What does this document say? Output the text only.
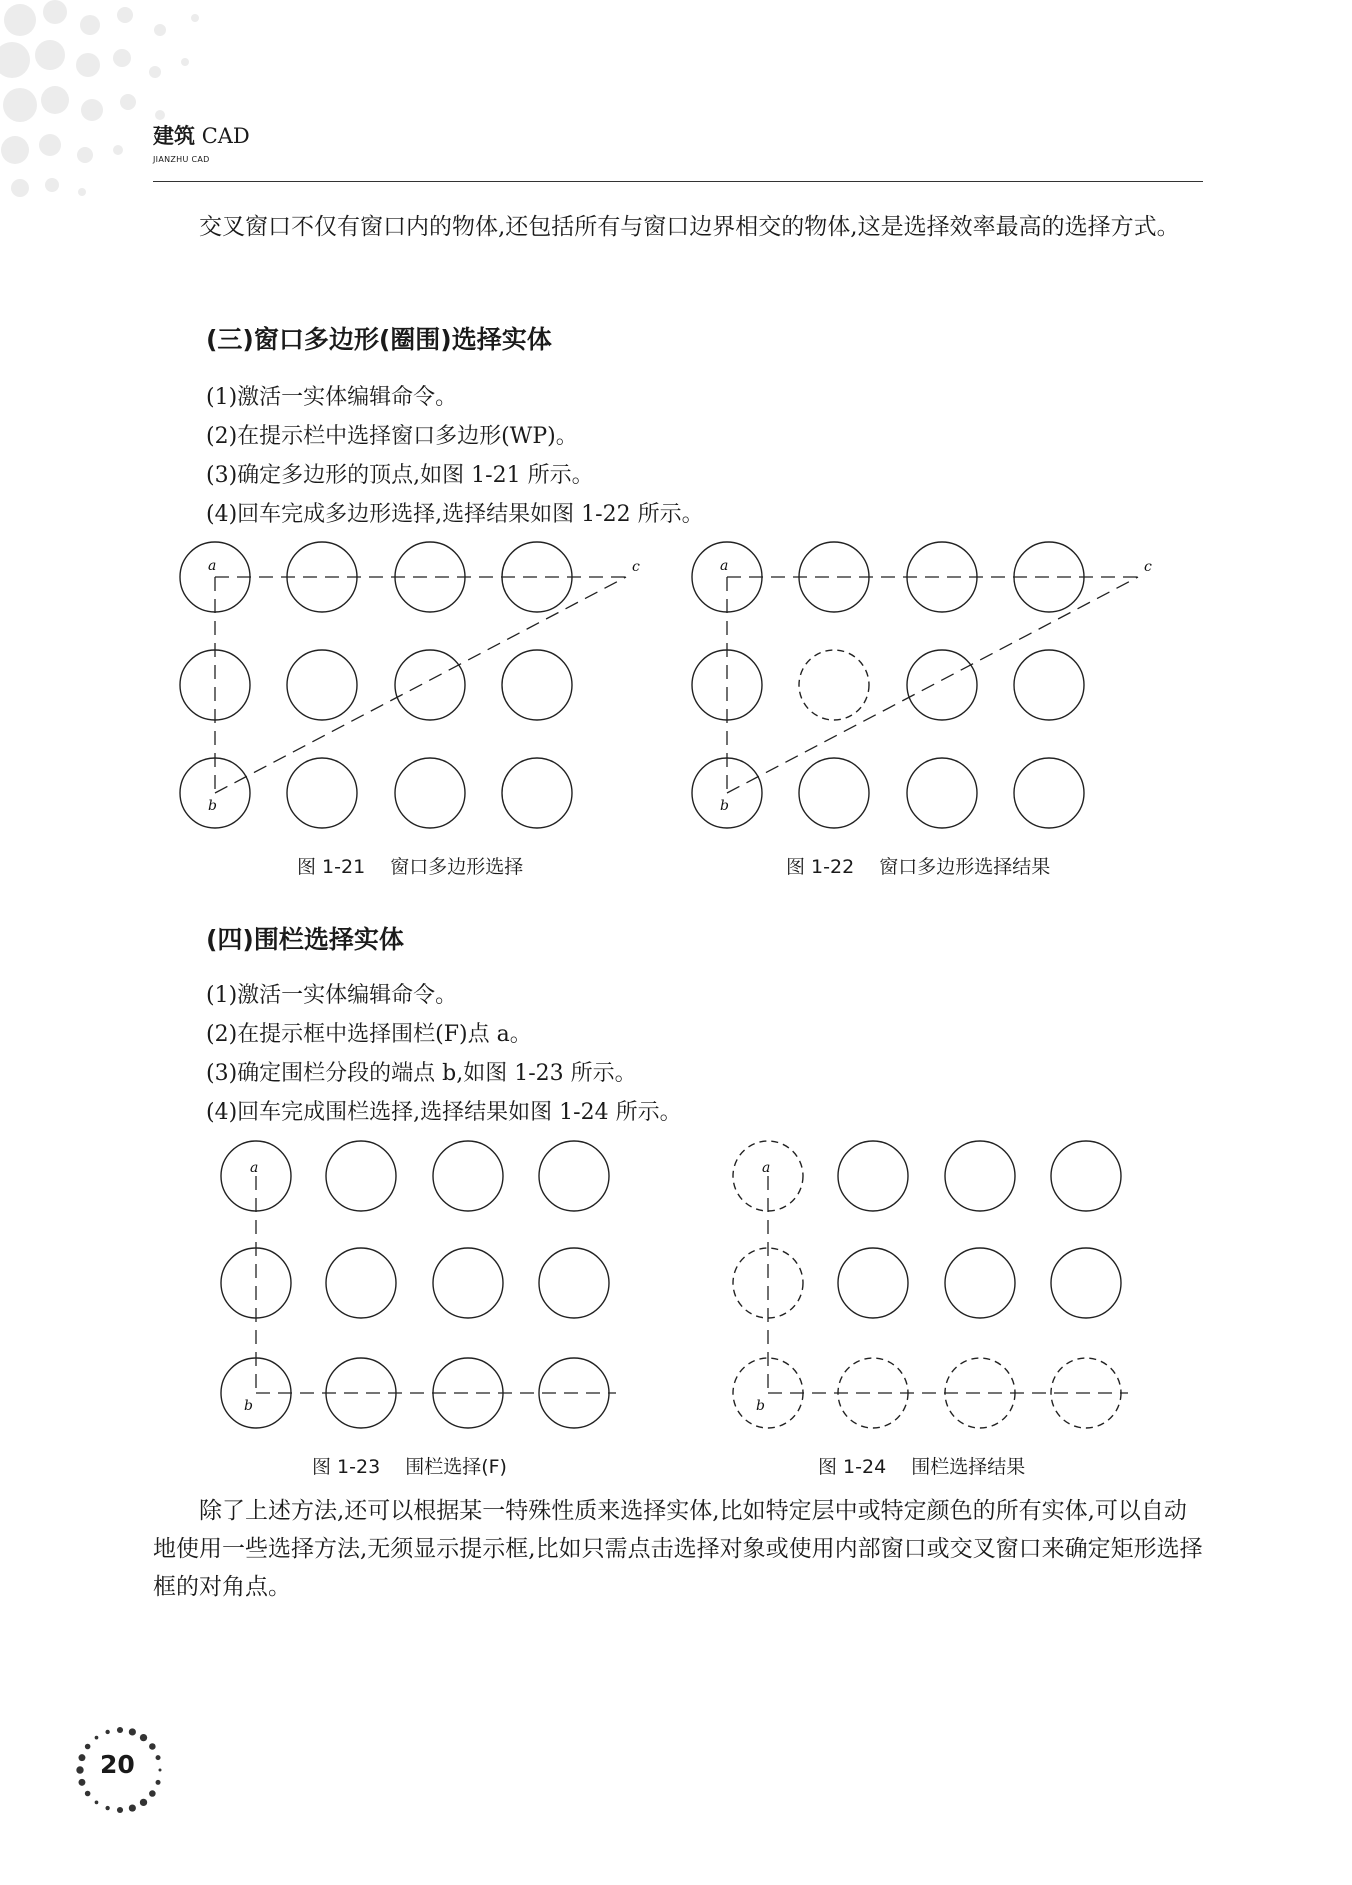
建筑 CAD
JIANZHU CAD

交叉窗口不仅有窗口内的物体,还包括所有与窗口边界相交的物体,这是选择效率最高的选择方式。

(三)窗口多边形(圈围)选择实体
(1)激活一实体编辑命令。
(2)在提示栏中选择窗口多边形(WP)。
(3)确定多边形的顶点,如图 1-21 所示。
(4)回车完成多边形选择,选择结果如图 1-22 所示。
a
b
c	a
b
c
图 1-21　 窗口多边形选择	图 1-22　 窗口多边形选择结果
(四)围栏选择实体
(1)激活一实体编辑命令。
(2)在提示框中选择围栏(F)点 a。
(3)确定围栏分段的端点 b,如图 1-23 所示。
(4)回车完成围栏选择,选择结果如图 1-24 所示。
a
b
a
b
图 1-23　 围栏选择(F)	图 1-24　 围栏选择结果

除了上述方法,还可以根据某一特殊性质来选择实体,比如特定层中或特定颜色的所有实体,可以自动地使用一些选择方法,无须显示提示框,比如只需点击选择对象或使用内部窗口或交叉窗口来确定矩形选择框的对角点。

20
